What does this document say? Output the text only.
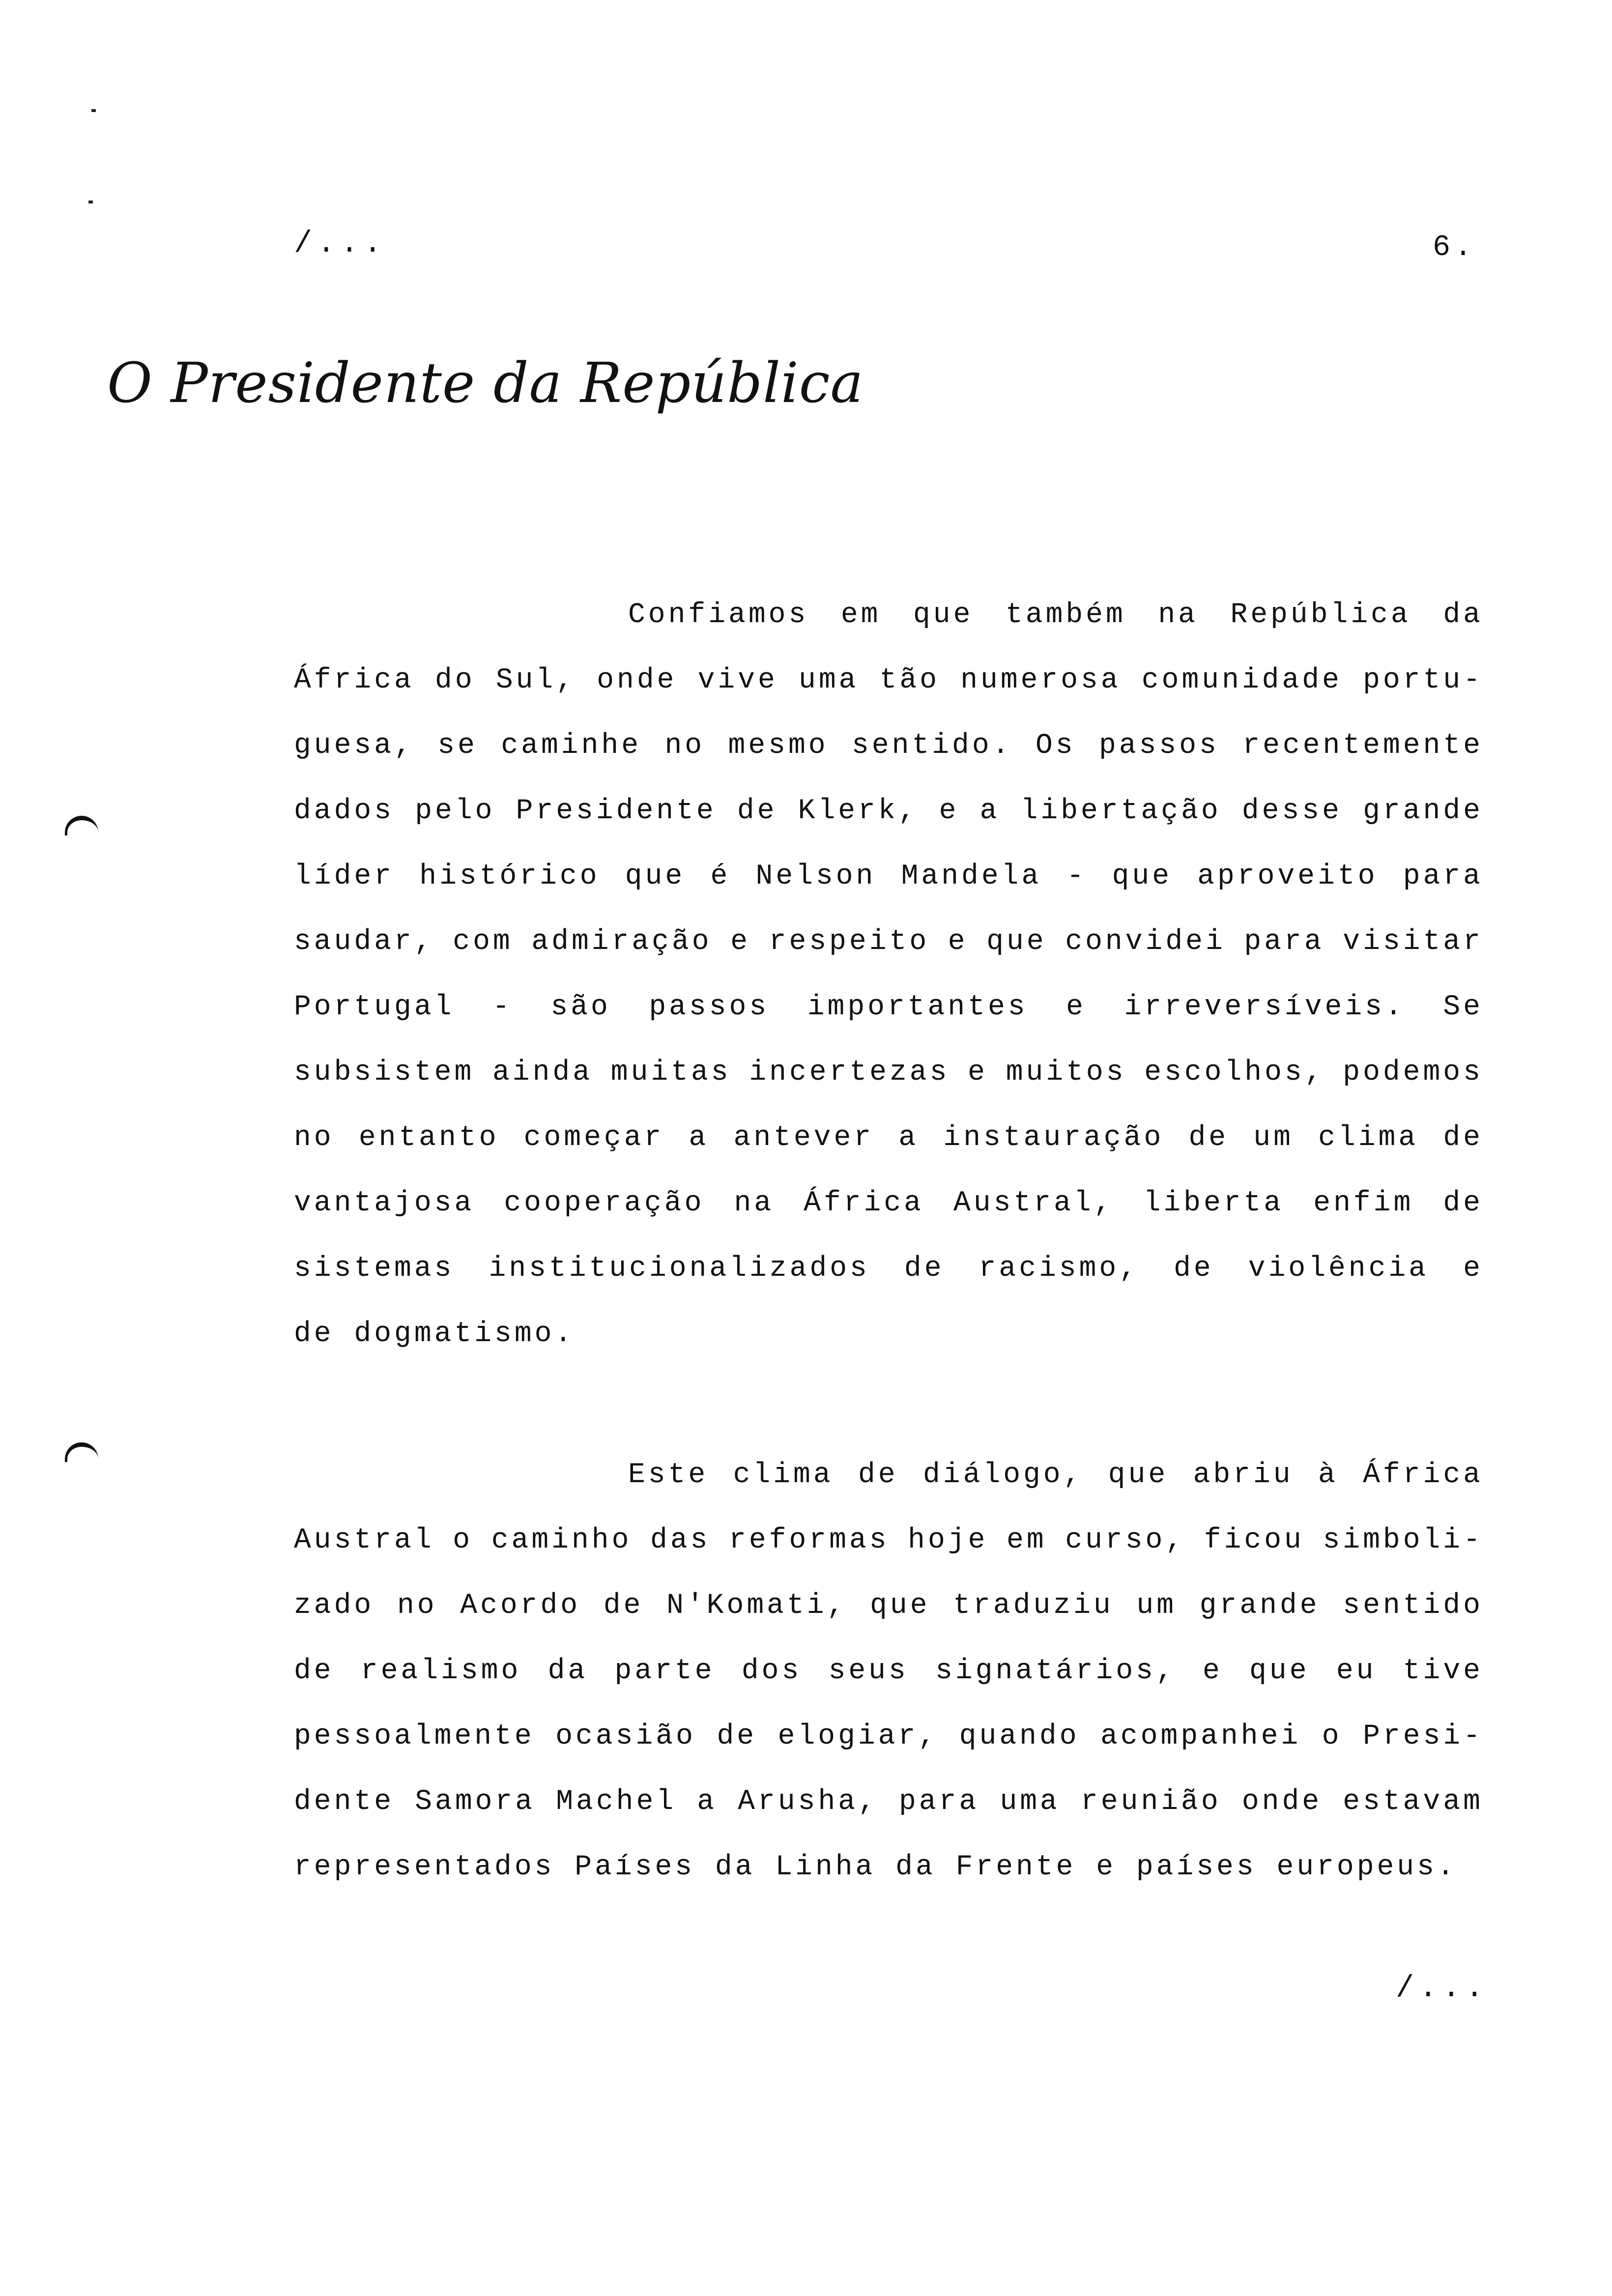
/...	6.
O Presidente da República
Confiamos em que também na República da
África do Sul, onde vive uma tão numerosa comunidade portu-
guesa, se caminhe no mesmo sentido. Os passos recentemente
dados pelo Presidente de Klerk, e a libertação desse grande
líder histórico que é Nelson Mandela - que aproveito para
saudar, com admiração e respeito e que convidei para visitar
Portugal - são passos importantes e irreversíveis. Se
subsistem ainda muitas incertezas e muitos escolhos, podemos
no entanto começar a antever a instauração de um clima de
vantajosa cooperação na África Austral, liberta enfim de
sistemas institucionalizados de racismo, de violência e
de dogmatismo.
Este clima de diálogo, que abriu à África
Austral o caminho das reformas hoje em curso, ficou simboli-
zado no Acordo de N'Komati, que traduziu um grande sentido
de realismo da parte dos seus signatários, e que eu tive
pessoalmente ocasião de elogiar, quando acompanhei o Presi-
dente Samora Machel a Arusha, para uma reunião onde estavam
representados Países da Linha da Frente e países europeus.
/...
